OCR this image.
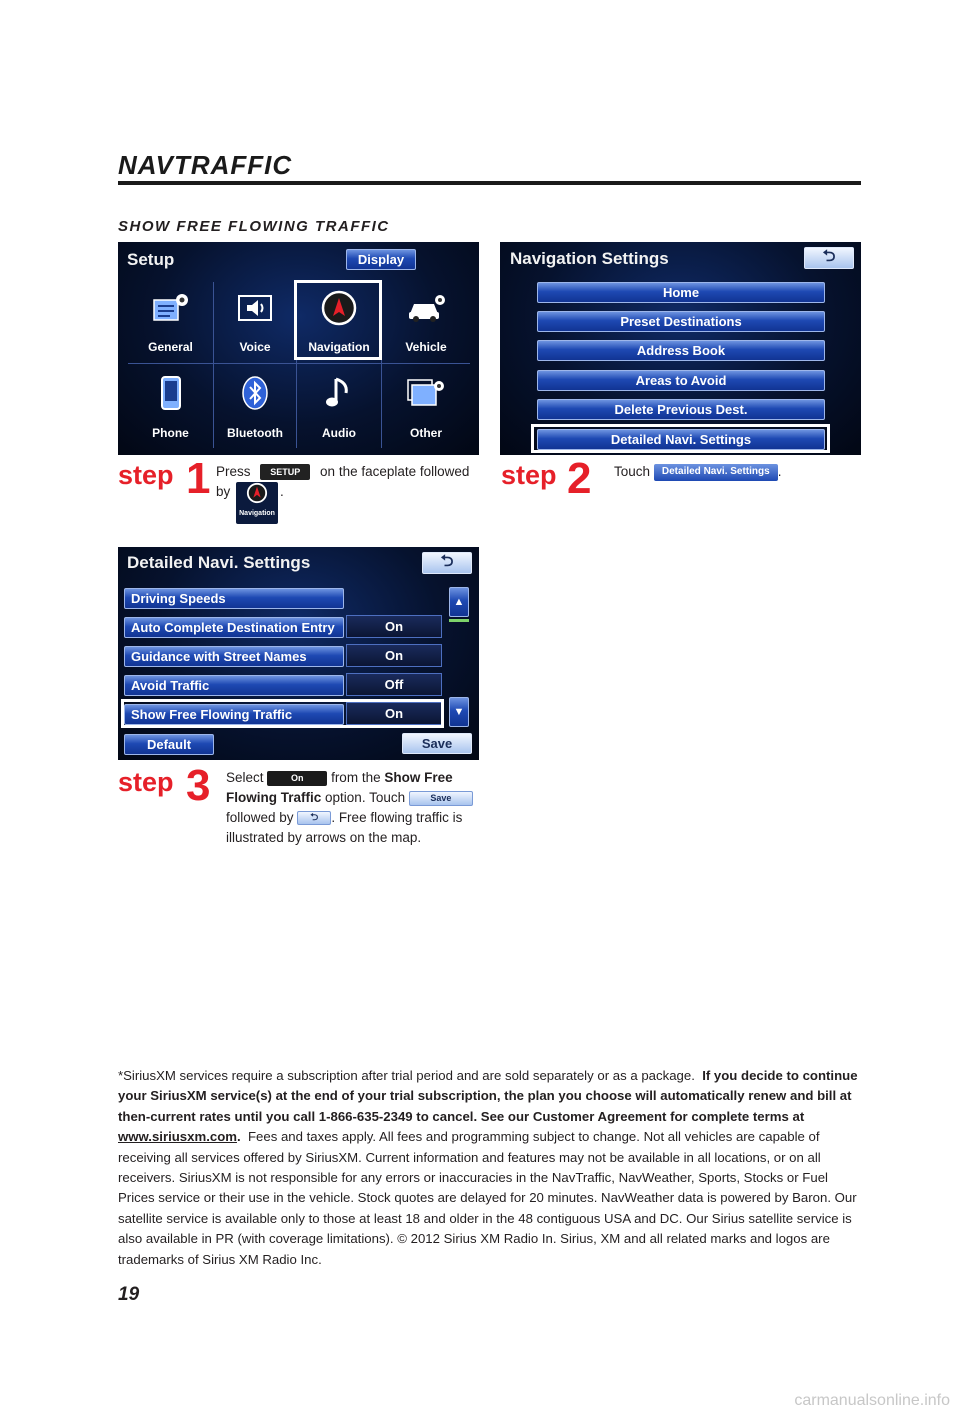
NAVTRAFFIC
SHOW FREE FLOWING TRAFFIC
Setup	Display
General	Voice	Navigation	Vehicle
Phone	Bluetooth	Audio	Other
Navigation Settings	⮌
Home
Preset Destinations
Address Book
Areas to Avoid
Delete Previous Dest.
Detailed Navi. Settings
step 1 Press SETUP on the faceplate followed
by
Navigation
.
step 2 Touch Detailed Navi. Settings .
Detailed Navi. Settings	⮌
Driving Speeds
Auto Complete Destination Entry	On
Guidance with Street Names	On
Avoid Traffic	Off
Show Free Flowing Traffic	On
▲
▼
Default	Save
step 3 Select	On from the Show Free Flowing Traffic option. Touch	Save
followed by ⮌ . Free flowing traffic is illustrated by arrows on the map.
*SiriusXM services require a subscription after trial period and are sold separately or as a package. If you decide to continue your SiriusXM service(s) at the end of your trial subscription, the plan you choose will automatically renew and bill at then-current rates until you call 1-866-635-2349 to cancel. See our Customer Agreement for complete terms at www.siriusxm.com. Fees and taxes apply. All fees and programming subject to change. Not all vehicles are capable of receiving all services offered by SiriusXM. Current information and features may not be available in all locations, or on all receivers. SiriusXM is not responsible for any errors or inaccuracies in the NavTraffic, NavWeather, Sports, Stocks or Fuel Prices service or their use in the vehicle. Stock quotes are delayed for 20 minutes. NavWeather data is powered by Baron. Our satellite service is available only to those at least 18 and older in the 48 contiguous USA and DC. Our Sirius satellite service is also available in PR (with coverage limitations). © 2012 Sirius XM Radio In. Sirius, XM and all related marks and logos are trademarks of Sirius XM Radio Inc.
19
carmanualsonline.info
